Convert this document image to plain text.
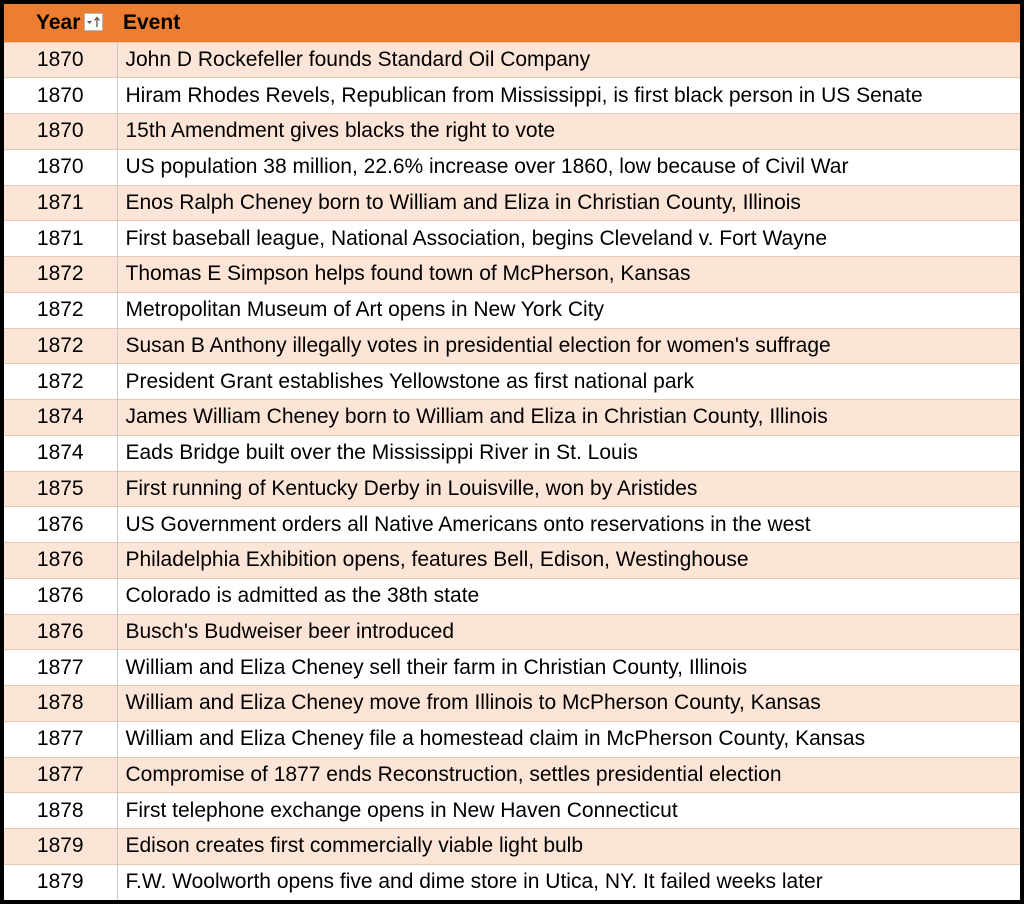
Year	Event
1870	John D Rockefeller founds Standard Oil Company
1870	Hiram Rhodes Revels, Republican from Mississippi, is first black person in US Senate
1870	15th Amendment gives blacks the right to vote
1870	US population 38 million, 22.6% increase over 1860, low because of Civil War
1871	Enos Ralph Cheney born to William and Eliza in Christian County, Illinois
1871	First baseball league, National Association, begins Cleveland v. Fort Wayne
1872	Thomas E Simpson helps found town of McPherson, Kansas
1872	Metropolitan Museum of Art opens in New York City
1872	Susan B Anthony illegally votes in presidential election for women's suffrage
1872	President Grant establishes Yellowstone as first national park
1874	James William Cheney born to William and Eliza in Christian County, Illinois
1874	Eads Bridge built over the Mississippi River in St. Louis
1875	First running of Kentucky Derby in Louisville, won by Aristides
1876	US Government orders all Native Americans onto reservations in the west
1876	Philadelphia Exhibition opens, features Bell, Edison, Westinghouse
1876	Colorado is admitted as the 38th state
1876	Busch's Budweiser beer introduced
1877	William and Eliza Cheney sell their farm in Christian County, Illinois
1878	William and Eliza Cheney move from Illinois to McPherson County, Kansas
1877	William and Eliza Cheney file a homestead claim in McPherson County, Kansas
1877	Compromise of 1877 ends Reconstruction, settles presidential election
1878	First telephone exchange opens in New Haven Connecticut
1879	Edison creates first commercially viable light bulb
1879	F.W. Woolworth opens five and dime store in Utica, NY. It failed weeks later
